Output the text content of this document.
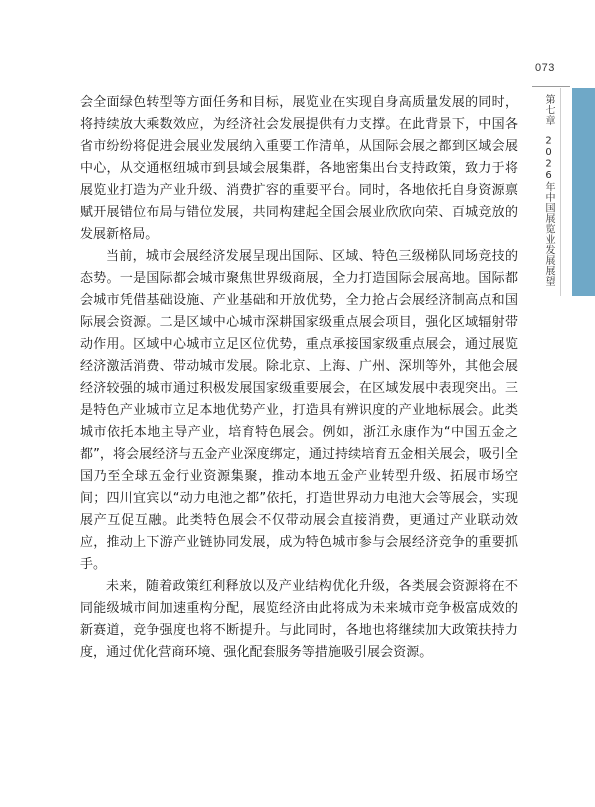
073
第七章2026年中国展览业发展展望

会全面绿色转型等方面任务和目标，展览业在实现自身高质量发展的同时，将持续放大乘数效应，为经济社会发展提供有力支撑。在此背景下，中国各省市纷纷将促进会展业发展纳入重要工作清单，从国际会展之都到区域会展中心，从交通枢纽城市到县域会展集群，各地密集出台支持政策，致力于将展览业打造为产业升级、消费扩容的重要平台。同时，各地依托自身资源禀赋开展错位布局与错位发展，共同构建起全国会展业欣欣向荣、百城竞放的发展新格局。

当前，城市会展经济发展呈现出国际、区域、特色三级梯队同场竞技的态势。一是国际都会城市聚焦世界级商展，全力打造国际会展高地。国际都会城市凭借基础设施、产业基础和开放优势，全力抢占会展经济制高点和国际展会资源。二是区域中心城市深耕国家级重点展会项目，强化区域辐射带动作用。区域中心城市立足区位优势，重点承接国家级重点展会，通过展览经济激活消费、带动城市发展。除北京、上海、广州、深圳等外，其他会展经济较强的城市通过积极发展国家级重要展会，在区域发展中表现突出。三是特色产业城市立足本地优势产业，打造具有辨识度的产业地标展会。此类城市依托本地主导产业，培育特色展会。例如，浙江永康作为“中国五金之都”，将会展经济与五金产业深度绑定，通过持续培育五金相关展会，吸引全国乃至全球五金行业资源集聚，推动本地五金产业转型升级、拓展市场空间；四川宜宾以“动力电池之都”依托，打造世界动力电池大会等展会，实现展产互促互融。此类特色展会不仅带动展会直接消费，更通过产业联动效应，推动上下游产业链协同发展，成为特色城市参与会展经济竞争的重要抓手。

未来，随着政策红利释放以及产业结构优化升级，各类展会资源将在不同能级城市间加速重构分配，展览经济由此将成为未来城市竞争极富成效的新赛道，竞争强度也将不断提升。与此同时，各地也将继续加大政策扶持力度，通过优化营商环境、强化配套服务等措施吸引展会资源。
